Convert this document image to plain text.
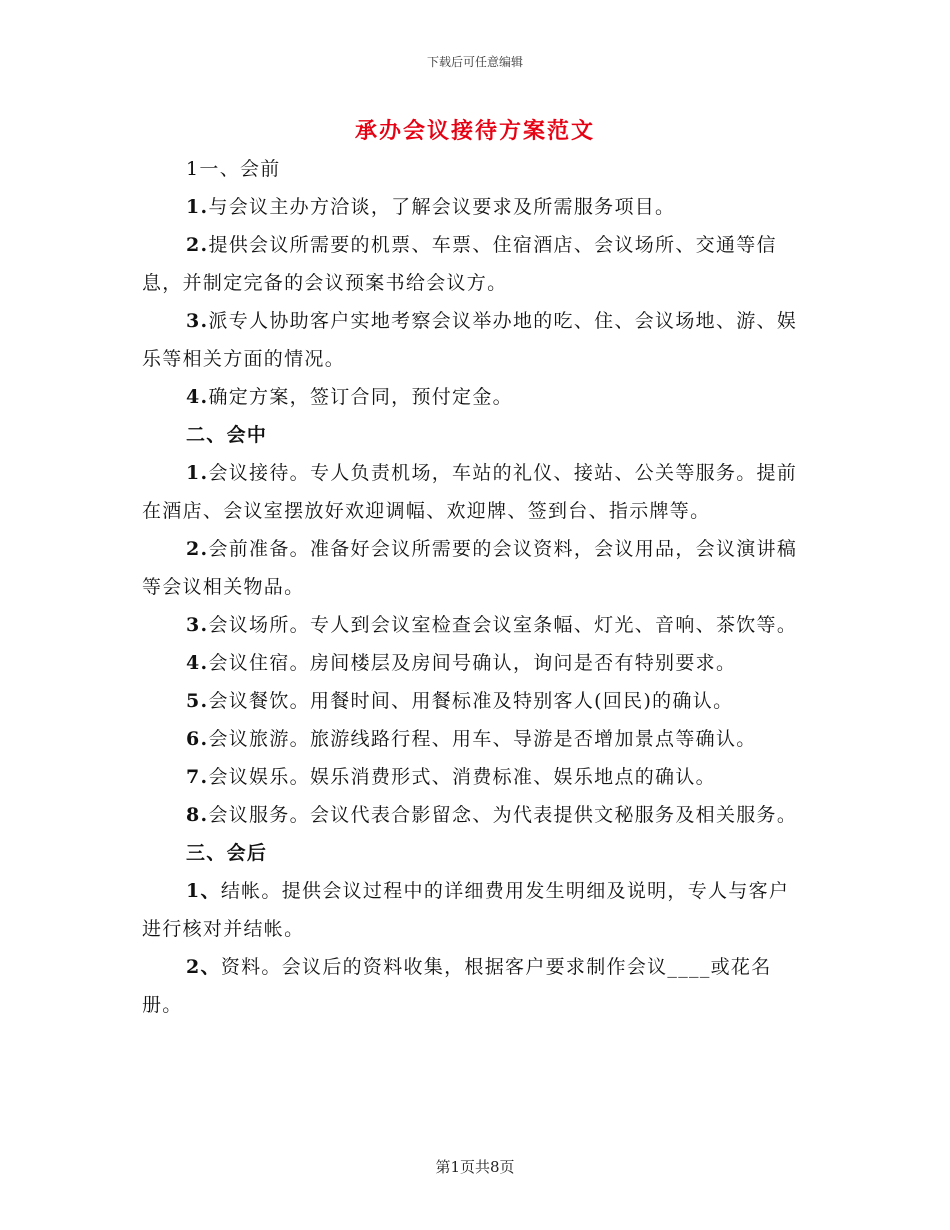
下载后可任意编辑
承办会议接待方案范文

1一、会前

1.与会议主办方洽谈，了解会议要求及所需服务项目。

2.提供会议所需要的机票、车票、住宿酒店、会议场所、交通等信息，并制定完备的会议预案书给会议方。

3.派专人协助客户实地考察会议举办地的吃、住、会议场地、游、娱乐等相关方面的情况。

4.确定方案，签订合同，预付定金。

二、会中

1.会议接待。专人负责机场，车站的礼仪、接站、公关等服务。提前在酒店、会议室摆放好欢迎调幅、欢迎牌、签到台、指示牌等。

2.会前准备。准备好会议所需要的会议资料，会议用品，会议演讲稿等会议相关物品。

3.会议场所。专人到会议室检查会议室条幅、灯光、音响、茶饮等。

4.会议住宿。房间楼层及房间号确认，询问是否有特别要求。

5.会议餐饮。用餐时间、用餐标准及特别客人(回民)的确认。

6.会议旅游。旅游线路行程、用车、导游是否增加景点等确认。

7.会议娱乐。娱乐消费形式、消费标准、娱乐地点的确认。

8.会议服务。会议代表合影留念、为代表提供文秘服务及相关服务。

三、会后

1、结帐。提供会议过程中的详细费用发生明细及说明，专人与客户进行核对并结帐。

2、资料。会议后的资料收集，根据客户要求制作会议____或花名册。

第1页共8页
